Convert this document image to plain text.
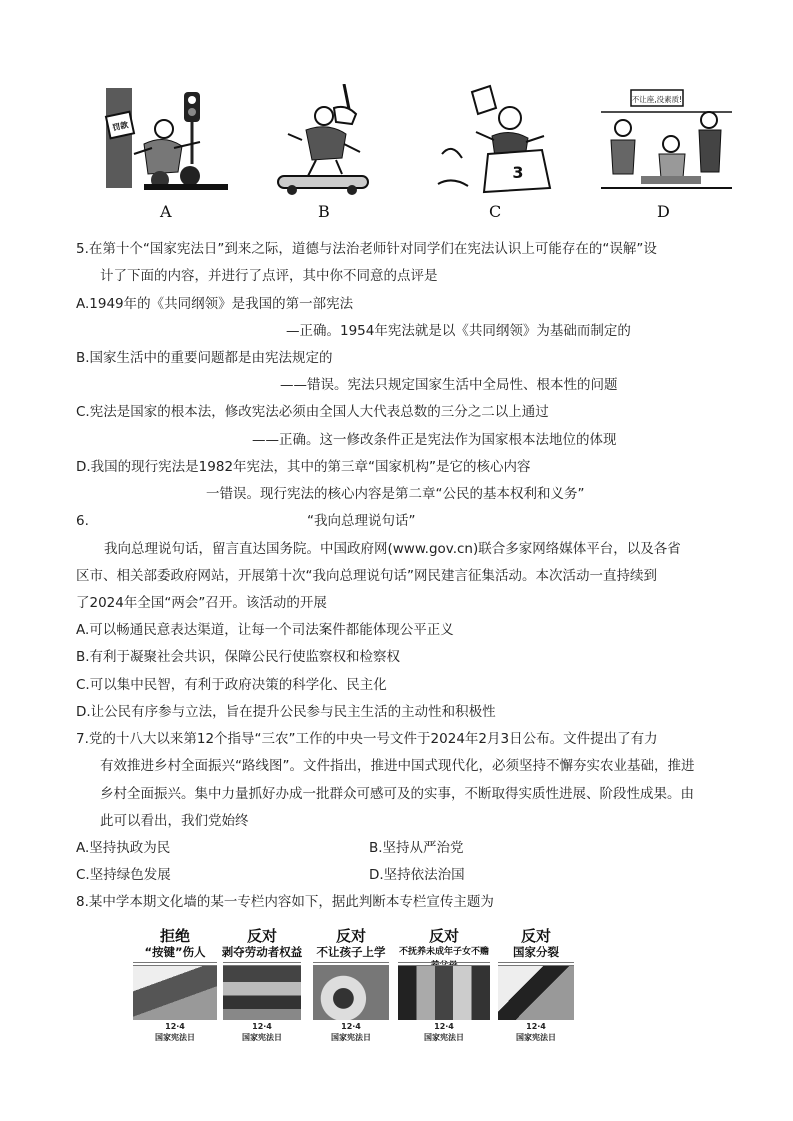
罚款
3
不让座,没素质!
A	B	C	D
5.在第十个“国家宪法日”到来之际，道德与法治老师针对同学们在宪法认识上可能存在的“误解”设
计了下面的内容，并进行了点评，其中你不同意的点评是
A.1949年的《共同纲领》是我国的第一部宪法
—正确。1954年宪法就是以《共同纲领》为基础而制定的
B.国家生活中的重要问题都是由宪法规定的
——错误。宪法只规定国家生活中全局性、根本性的问题
C.宪法是国家的根本法，修改宪法必须由全国人大代表总数的三分之二以上通过
——正确。这一修改条件正是宪法作为国家根本法地位的体现
D.我国的现行宪法是1982年宪法，其中的第三章“国家机构”是它的核心内容
一错误。现行宪法的核心内容是第二章“公民的基本权利和义务”
6.	“我向总理说句话”
我向总理说句话，留言直达国务院。中国政府网(www.gov.cn)联合多家网络媒体平台，以及各省
区市、相关部委政府网站，开展第十次“我向总理说句话”网民建言征集活动。本次活动一直持续到
了2024年全国“两会”召开。该活动的开展
A.可以畅通民意表达渠道，让每一个司法案件都能体现公平正义
B.有利于凝聚社会共识，保障公民行使监察权和检察权
C.可以集中民智，有利于政府决策的科学化、民主化
D.让公民有序参与立法，旨在提升公民参与民主生活的主动性和积极性
7.党的十八大以来第12个指导“三农”工作的中央一号文件于2024年2月3日公布。文件提出了有力
有效推进乡村全面振兴“路线图”。文件指出，推进中国式现代化，必须坚持不懈夯实农业基础，推进
乡村全面振兴。集中力量抓好办成一批群众可感可及的实事，不断取得实质性进展、阶段性成果。由
此可以看出，我们党始终
A.坚持执政为民	B.坚持从严治党
C.坚持绿色发展	D.坚持依法治国
8.某中学本期文化墙的某一专栏内容如下，据此判断本专栏宣传主题为
拒绝
“按键”伤人
12·4
国家宪法日
反对
剥夺劳动者权益
12·4
国家宪法日
反对
不让孩子上学
12·4
国家宪法日
反对
不抚养未成年子女不赡
12·4
国家宪法日
反对
国家分裂
12·4
国家宪法日
